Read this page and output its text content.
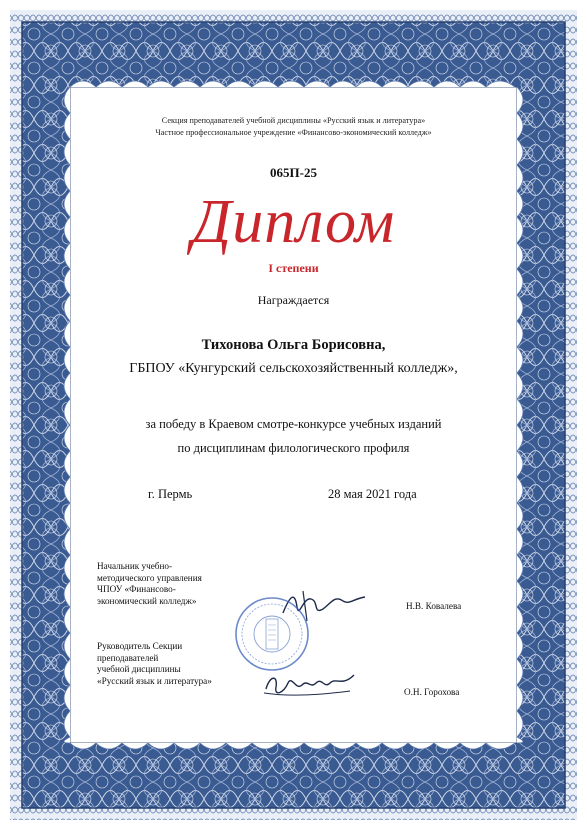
Секция преподавателей учебной дисциплины «Русский язык и литература»
Частное профессиональное учреждение «Финансово-экономический колледж»
065П-25
Диплом
I степени
Награждается
Тихонова Ольга Борисовна,
ГБПОУ «Кунгурский сельскохозяйственный колледж»,
за победу в Краевом смотре-конкурсе учебных изданий
по дисциплинам филологического профиля
г. Пермь	28 мая 2021 года
Начальник учебно-
методического управления
ЧПОУ «Финансово-
экономический колледж»
Н.В. Ковалева
Руководитель Секции
преподавателей
учебной дисциплины
«Русский язык и литература»
О.Н. Горохова
